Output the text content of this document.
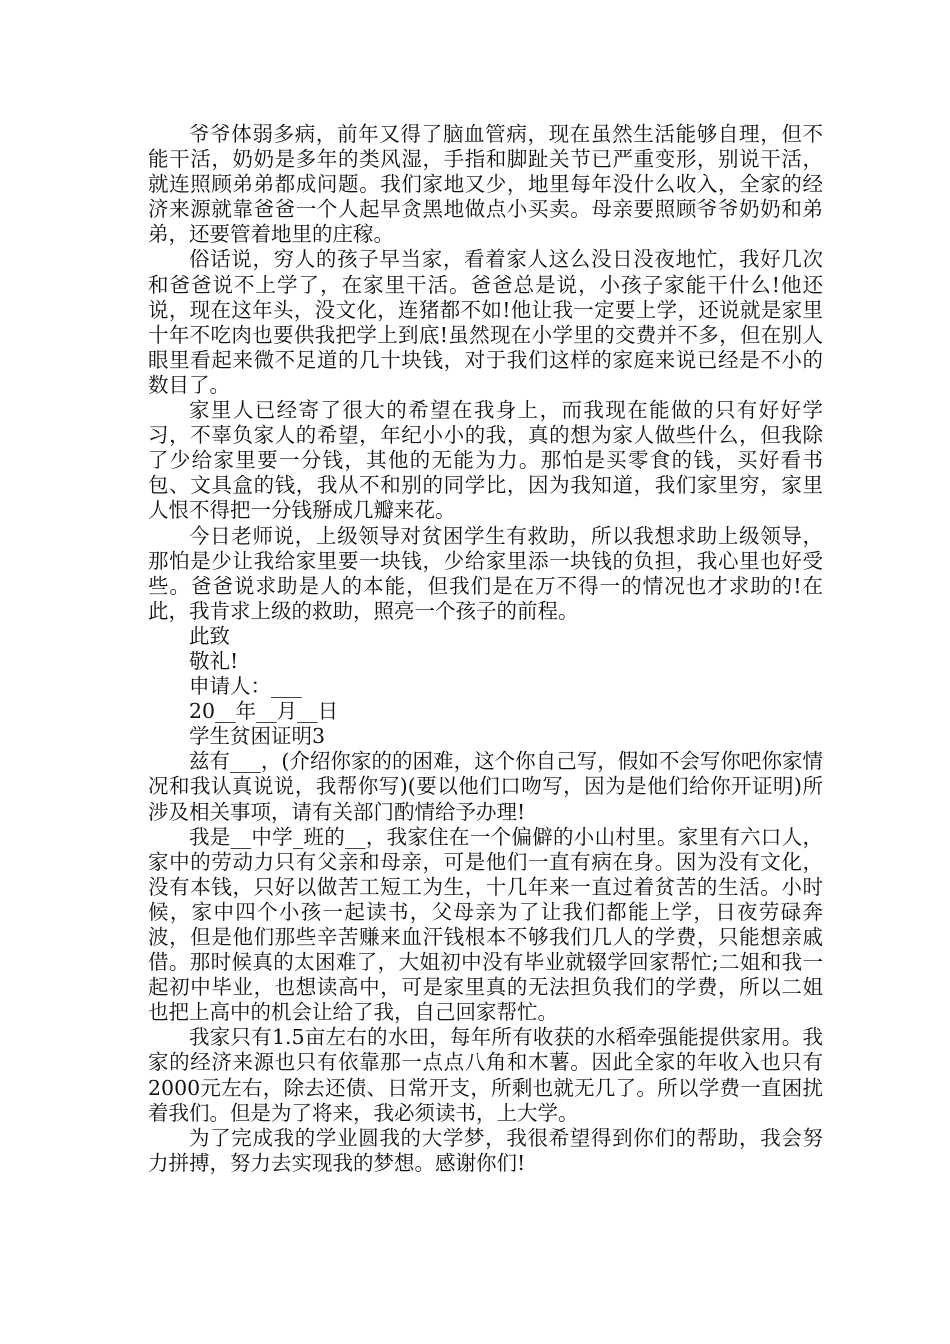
爷爷体弱多病，前年又得了脑血管病，现在虽然生活能够自理，但不能干活，奶奶是多年的类风湿，手指和脚趾关节已严重变形，别说干活，就连照顾弟弟都成问题。我们家地又少，地里每年没什么收入，全家的经济来源就靠爸爸一个人起早贪黑地做点小买卖。母亲要照顾爷爷奶奶和弟弟，还要管着地里的庄稼。

俗话说，穷人的孩子早当家，看着家人这么没日没夜地忙，我好几次和爸爸说不上学了，在家里干活。爸爸总是说，小孩子家能干什么!他还说，现在这年头，没文化，连猪都不如!他让我一定要上学，还说就是家里十年不吃肉也要供我把学上到底!虽然现在小学里的交费并不多，但在别人眼里看起来微不足道的几十块钱，对于我们这样的家庭来说已经是不小的数目了。

家里人已经寄了很大的希望在我身上，而我现在能做的只有好好学习，不辜负家人的希望，年纪小小的我，真的想为家人做些什么，但我除了少给家里要一分钱，其他的无能为力。那怕是买零食的钱，买好看书包、文具盒的钱，我从不和别的同学比，因为我知道，我们家里穷，家里人恨不得把一分钱掰成几瓣来花。

今日老师说，上级领导对贫困学生有救助，所以我想求助上级领导，那怕是少让我给家里要一块钱，少给家里添一块钱的负担，我心里也好受些。爸爸说求助是人的本能，但我们是在万不得一的情况也才求助的!在此，我肯求上级的救助，照亮一个孩子的前程。

此致

敬礼!

申请人：___

20__年__月__日

学生贫困证明3

兹有___，(介绍你家的的困难，这个你自己写，假如不会写你吧你家情况和我认真说说，我帮你写)(要以他们口吻写，因为是他们给你开证明)所涉及相关事项，请有关部门酌情给予办理!

我是__中学_班的__，我家住在一个偏僻的小山村里。家里有六口人，家中的劳动力只有父亲和母亲，可是他们一直有病在身。因为没有文化，没有本钱，只好以做苦工短工为生，十几年来一直过着贫苦的生活。小时候，家中四个小孩一起读书，父母亲为了让我们都能上学，日夜劳碌奔波，但是他们那些辛苦赚来血汗钱根本不够我们几人的学费，只能想亲戚借。那时候真的太困难了，大姐初中没有毕业就辍学回家帮忙;二姐和我一起初中毕业，也想读高中，可是家里真的无法担负我们的学费，所以二姐也把上高中的机会让给了我，自己回家帮忙。

我家只有1.5亩左右的水田，每年所有收获的水稻牵强能提供家用。我家的经济来源也只有依靠那一点点八角和木薯。因此全家的年收入也只有2000元左右，除去还债、日常开支，所剩也就无几了。所以学费一直困扰着我们。但是为了将来，我必须读书，上大学。

为了完成我的学业圆我的大学梦，我很希望得到你们的帮助，我会努力拼搏，努力去实现我的梦想。感谢你们!
